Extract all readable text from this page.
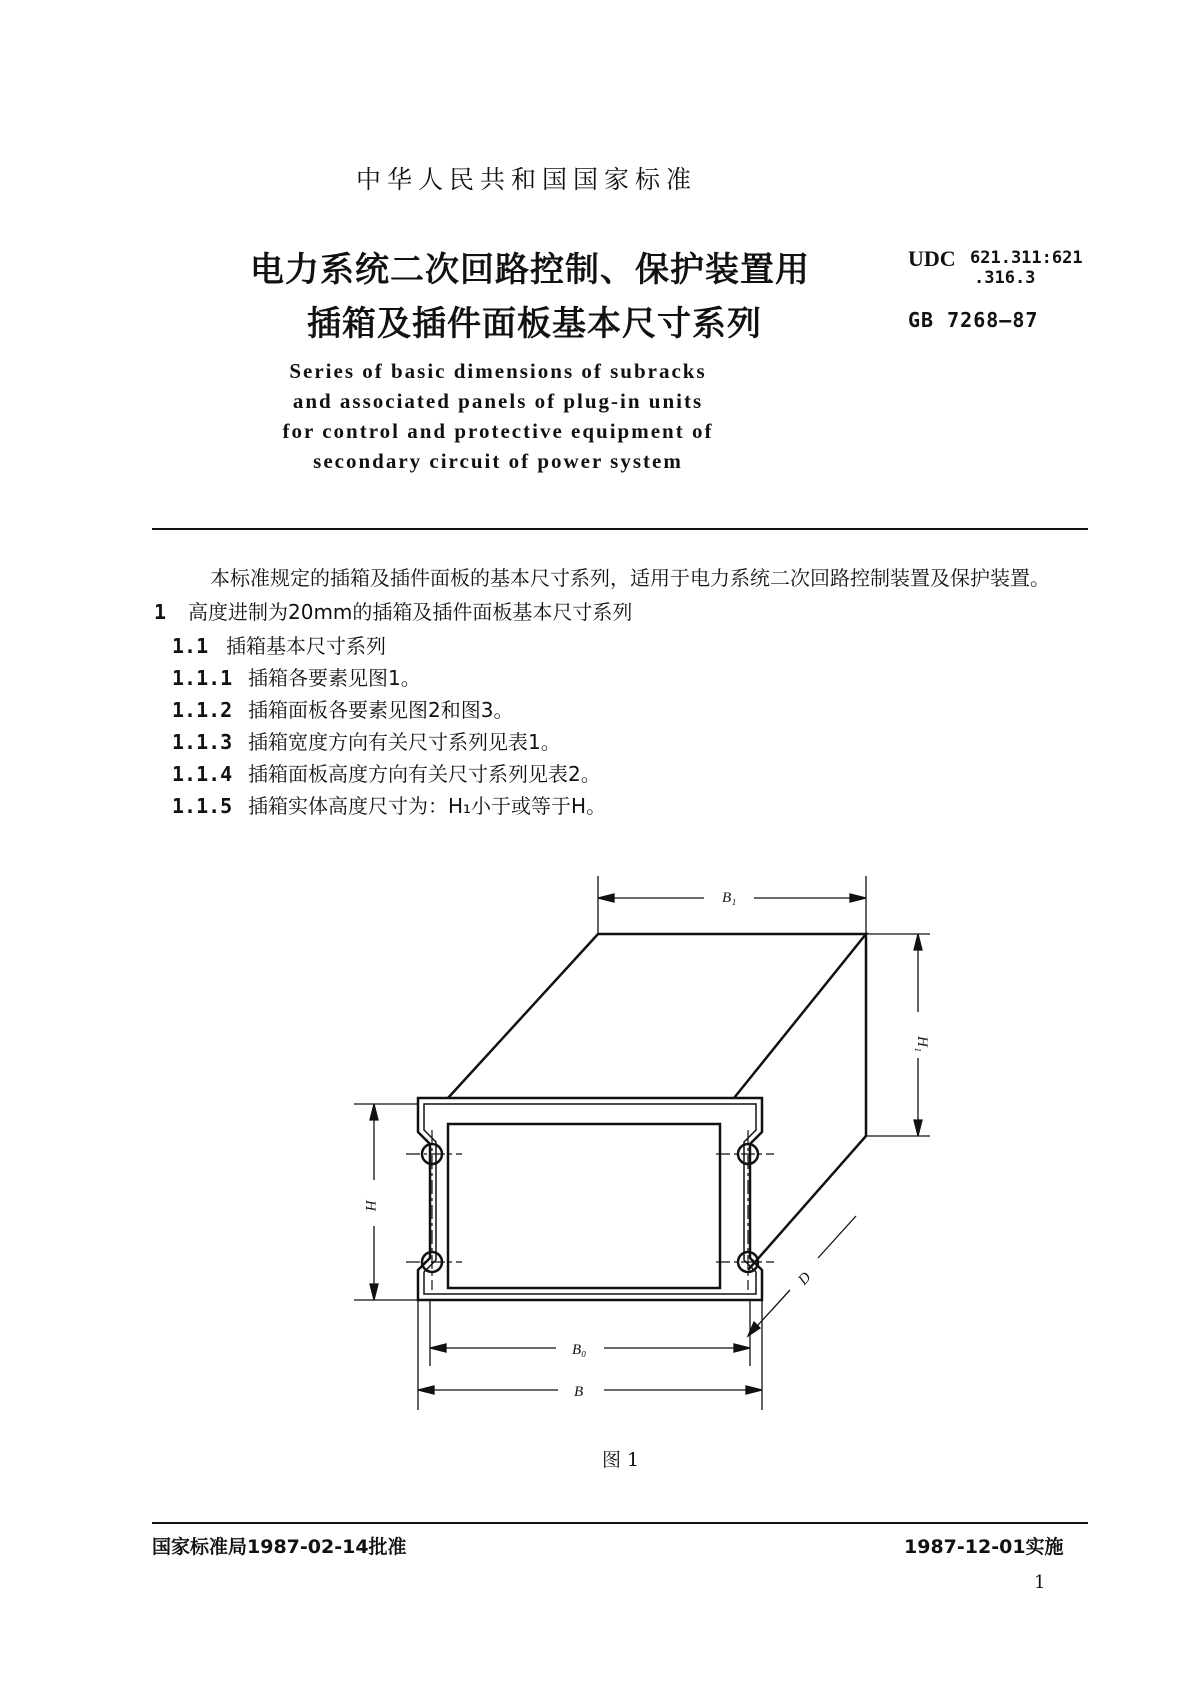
中华人民共和国国家标准
电力系统二次回路控制、保护装置用
插箱及插件面板基本尺寸系列
UDC 621.311:621
.316.3
GB 7268—87
Series of basic dimensions of subracks
and associated panels of plug-in units
for control and protective equipment of
secondary circuit of power system
本标准规定的插箱及插件面板的基本尺寸系列，适用于电力系统二次回路控制装置及保护装置。
1 高度进制为20mm的插箱及插件面板基本尺寸系列
1.1 插箱基本尺寸系列
1.1.1 插箱各要素见图1。
1.1.2 插箱面板各要素见图2和图3。
1.1.3 插箱宽度方向有关尺寸系列见表1。
1.1.4 插箱面板高度方向有关尺寸系列见表2。
1.1.5 插箱实体高度尺寸为：H₁小于或等于H。
B₁
H₁
H
D
B₀
B
图 1
国家标准局1987-02-14批准	1987-12-01实施
1
